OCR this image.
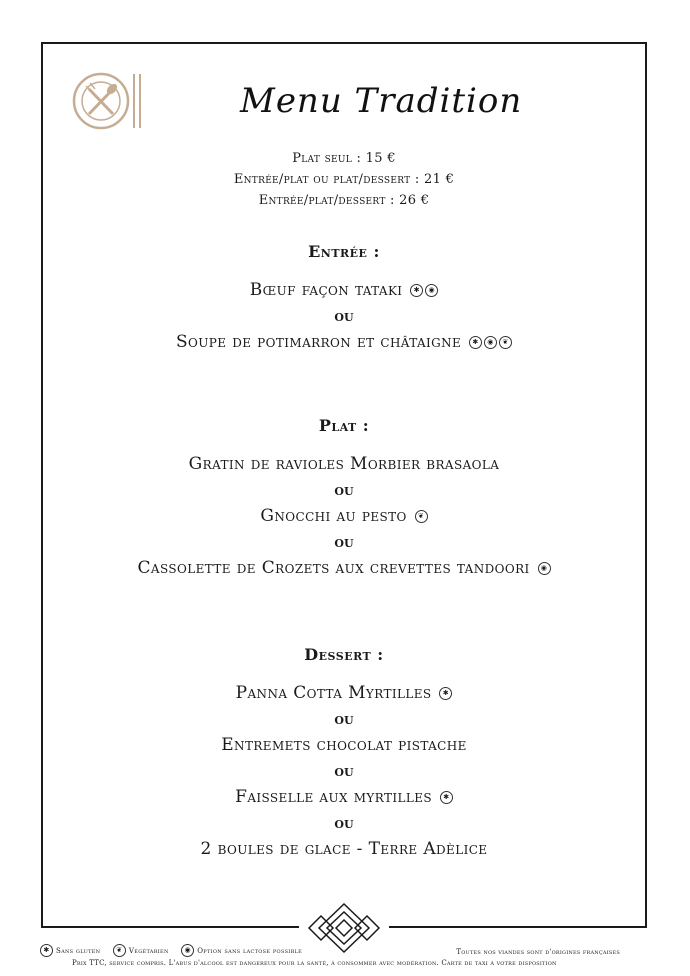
Menu Tradition
Plat seul : 15 €
Entrée/plat ou plat/dessert : 21 €
Entrée/plat/dessert : 26 €
Entrée :
Bœuf façon tataki ✱ ◉
ou
Soupe de potimarron et châtaigne ✱ ◉ ❦
Plat :
Gratin de ravioles Morbier brasaola
ou
Gnocchi au pesto ❦
ou
Cassolette de Crozets aux crevettes tandoori ◉
Dessert :
Panna Cotta Myrtilles ✱
ou
Entremets chocolat pistache
ou
Faisselle aux myrtilles ✱
ou
2 boules de glace - Terre Adèlice
✱ Sans gluten ❦ Végétarien ◉ Option sans lactose possible	Toutes nos viandes sont d'origines françaises
Prix TTC, service compris. L'abus d'alcool est dangereux pour la santé, à consommer avec modération. Carte de taxi à votre disposition
